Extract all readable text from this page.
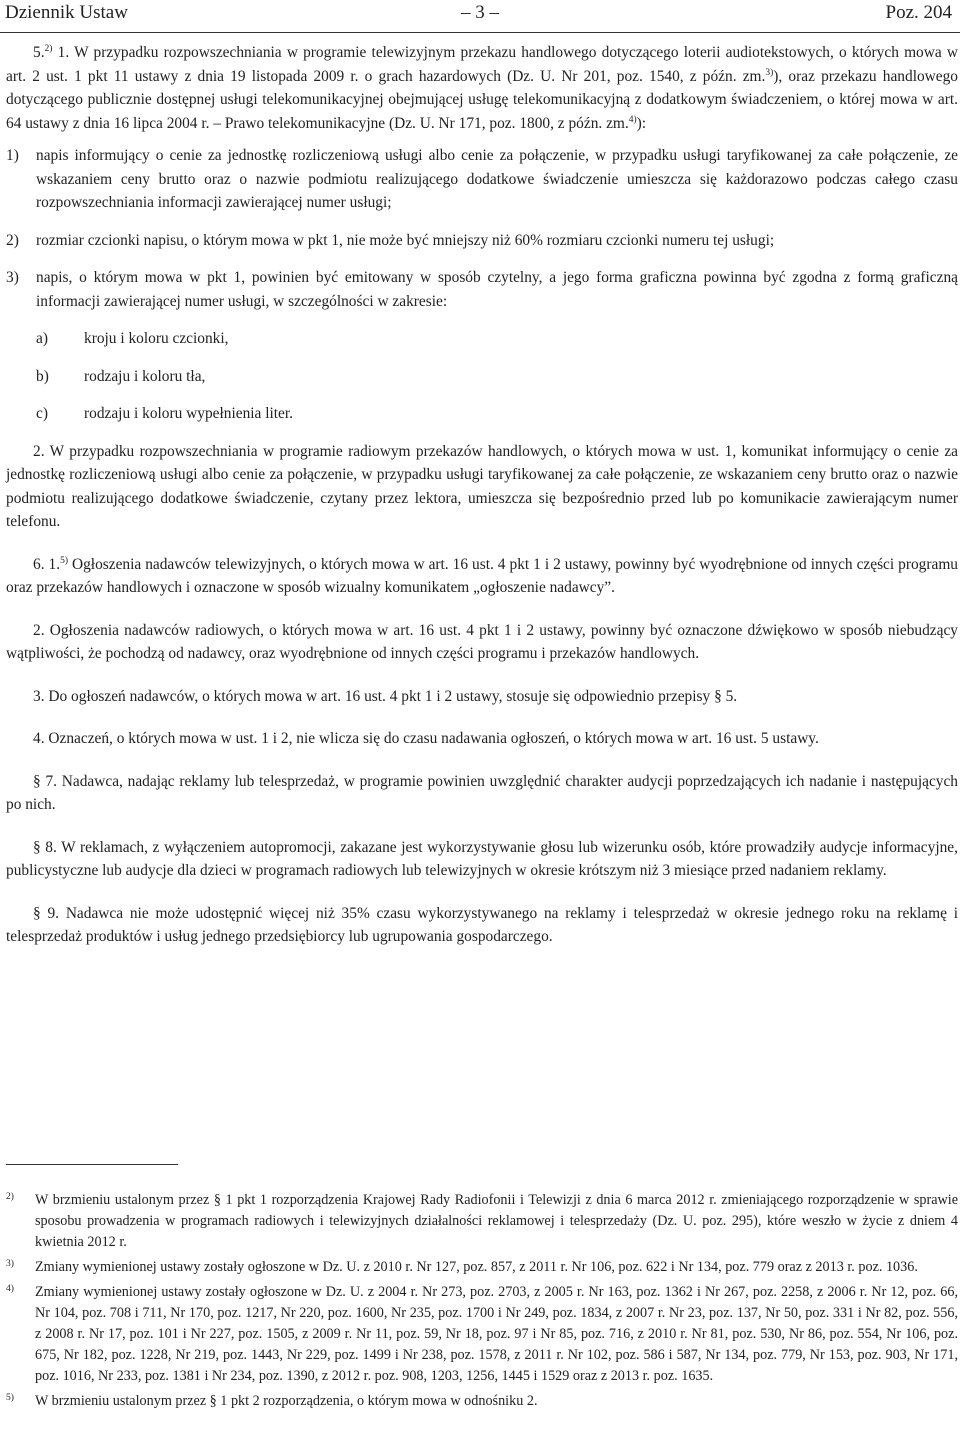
Dziennik Ustaw	– 3 –	Poz. 204

5.$^{2)}$ 1. W przypadku rozpowszechniania w programie telewizyjnym przekazu handlowego dotyczącego loterii audiotekstowych, o których mowa w art. 2 ust. 1 pkt 11 ustawy z dnia 19 listopada 2009 r. o grach hazardowych (Dz. U. Nr 201, poz. 1540, z późn. zm.$^{3)}$), oraz przekazu handlowego dotyczącego publicznie dostępnej usługi telekomunikacyjnej obejmującej usługę telekomunikacyjną z dodatkowym świadczeniem, o której mowa w art. 64 ustawy z dnia 16 lipca 2004 r. – Prawo telekomunikacyjne (Dz. U. Nr 171, poz. 1800, z późn. zm.$^{4)}$):

1)	napis informujący o cenie za jednostkę rozliczeniową usługi albo cenie za połączenie, w przypadku usługi taryfikowanej za całe połączenie, ze wskazaniem ceny brutto oraz o nazwie podmiotu realizującego dodatkowe świadczenie umieszcza się każdorazowo podczas całego czasu rozpowszechniania informacji zawierającej numer usługi;
2)	rozmiar czcionki napisu, o którym mowa w pkt 1, nie może być mniejszy niż 60% rozmiaru czcionki numeru tej usługi;
3)	napis, o którym mowa w pkt 1, powinien być emitowany w sposób czytelny, a jego forma graficzna powinna być zgodna z formą graficzną informacji zawierającej numer usługi, w szczególności w zakresie:
a)	kroju i koloru czcionki,
b)	rodzaju i koloru tła,
c)	rodzaju i koloru wypełnienia liter.

2. W przypadku rozpowszechniania w programie radiowym przekazów handlowych, o których mowa w ust. 1, komunikat informujący o cenie za jednostkę rozliczeniową usługi albo cenie za połączenie, w przypadku usługi taryfikowanej za całe połączenie, ze wskazaniem ceny brutto oraz o nazwie podmiotu realizującego dodatkowe świadczenie, czytany przez lektora, umieszcza się bezpośrednio przed lub po komunikacie zawierającym numer telefonu.

6. 1.$^{5)}$ Ogłoszenia nadawców telewizyjnych, o których mowa w art. 16 ust. 4 pkt 1 i 2 ustawy, powinny być wyodrębnione od innych części programu oraz przekazów handlowych i oznaczone w sposób wizualny komunikatem „ogłoszenie nadawcy”.

2. Ogłoszenia nadawców radiowych, o których mowa w art. 16 ust. 4 pkt 1 i 2 ustawy, powinny być oznaczone dźwiękowo w sposób niebudzący wątpliwości, że pochodzą od nadawcy, oraz wyodrębnione od innych części programu i przekazów handlowych.

3. Do ogłoszeń nadawców, o których mowa w art. 16 ust. 4 pkt 1 i 2 ustawy, stosuje się odpowiednio przepisy § 5.

4. Oznaczeń, o których mowa w ust. 1 i 2, nie wlicza się do czasu nadawania ogłoszeń, o których mowa w art. 16 ust. 5 ustawy.

§ 7. Nadawca, nadając reklamy lub telesprzedaż, w programie powinien uwzględnić charakter audycji poprzedzających ich nadanie i następujących po nich.

§ 8. W reklamach, z wyłączeniem autopromocji, zakazane jest wykorzystywanie głosu lub wizerunku osób, które prowadziły audycje informacyjne, publicystyczne lub audycje dla dzieci w programach radiowych lub telewizyjnych w okresie krótszym niż 3 miesiące przed nadaniem reklamy.

§ 9. Nadawca nie może udostępnić więcej niż 35% czasu wykorzystywanego na reklamy i telesprzedaż w okresie jednego roku na reklamę i telesprzedaż produktów i usług jednego przedsiębiorcy lub ugrupowania gospodarczego.

2)	W brzmieniu ustalonym przez § 1 pkt 1 rozporządzenia Krajowej Rady Radiofonii i Telewizji z dnia 6 marca 2012 r. zmieniającego rozporządzenie w sprawie sposobu prowadzenia w programach radiowych i telewizyjnych działalności reklamowej i telesprzedaży (Dz. U. poz. 295), które weszło w życie z dniem 4 kwietnia 2012 r.
3)	Zmiany wymienionej ustawy zostały ogłoszone w Dz. U. z 2010 r. Nr 127, poz. 857, z 2011 r. Nr 106, poz. 622 i Nr 134, poz. 779 oraz z 2013 r. poz. 1036.
4)	Zmiany wymienionej ustawy zostały ogłoszone w Dz. U. z 2004 r. Nr 273, poz. 2703, z 2005 r. Nr 163, poz. 1362 i Nr 267, poz. 2258, z 2006 r. Nr 12, poz. 66, Nr 104, poz. 708 i 711, Nr 170, poz. 1217, Nr 220, poz. 1600, Nr 235, poz. 1700 i Nr 249, poz. 1834, z 2007 r. Nr 23, poz. 137, Nr 50, poz. 331 i Nr 82, poz. 556, z 2008 r. Nr 17, poz. 101 i Nr 227, poz. 1505, z 2009 r. Nr 11, poz. 59, Nr 18, poz. 97 i Nr 85, poz. 716, z 2010 r. Nr 81, poz. 530, Nr 86, poz. 554, Nr 106, poz. 675, Nr 182, poz. 1228, Nr 219, poz. 1443, Nr 229, poz. 1499 i Nr 238, poz. 1578, z 2011 r. Nr 102, poz. 586 i 587, Nr 134, poz. 779, Nr 153, poz. 903, Nr 171, poz. 1016, Nr 233, poz. 1381 i Nr 234, poz. 1390, z 2012 r. poz. 908, 1203, 1256, 1445 i 1529 oraz z 2013 r. poz. 1635.
5)	W brzmieniu ustalonym przez § 1 pkt 2 rozporządzenia, o którym mowa w odnośniku 2.
